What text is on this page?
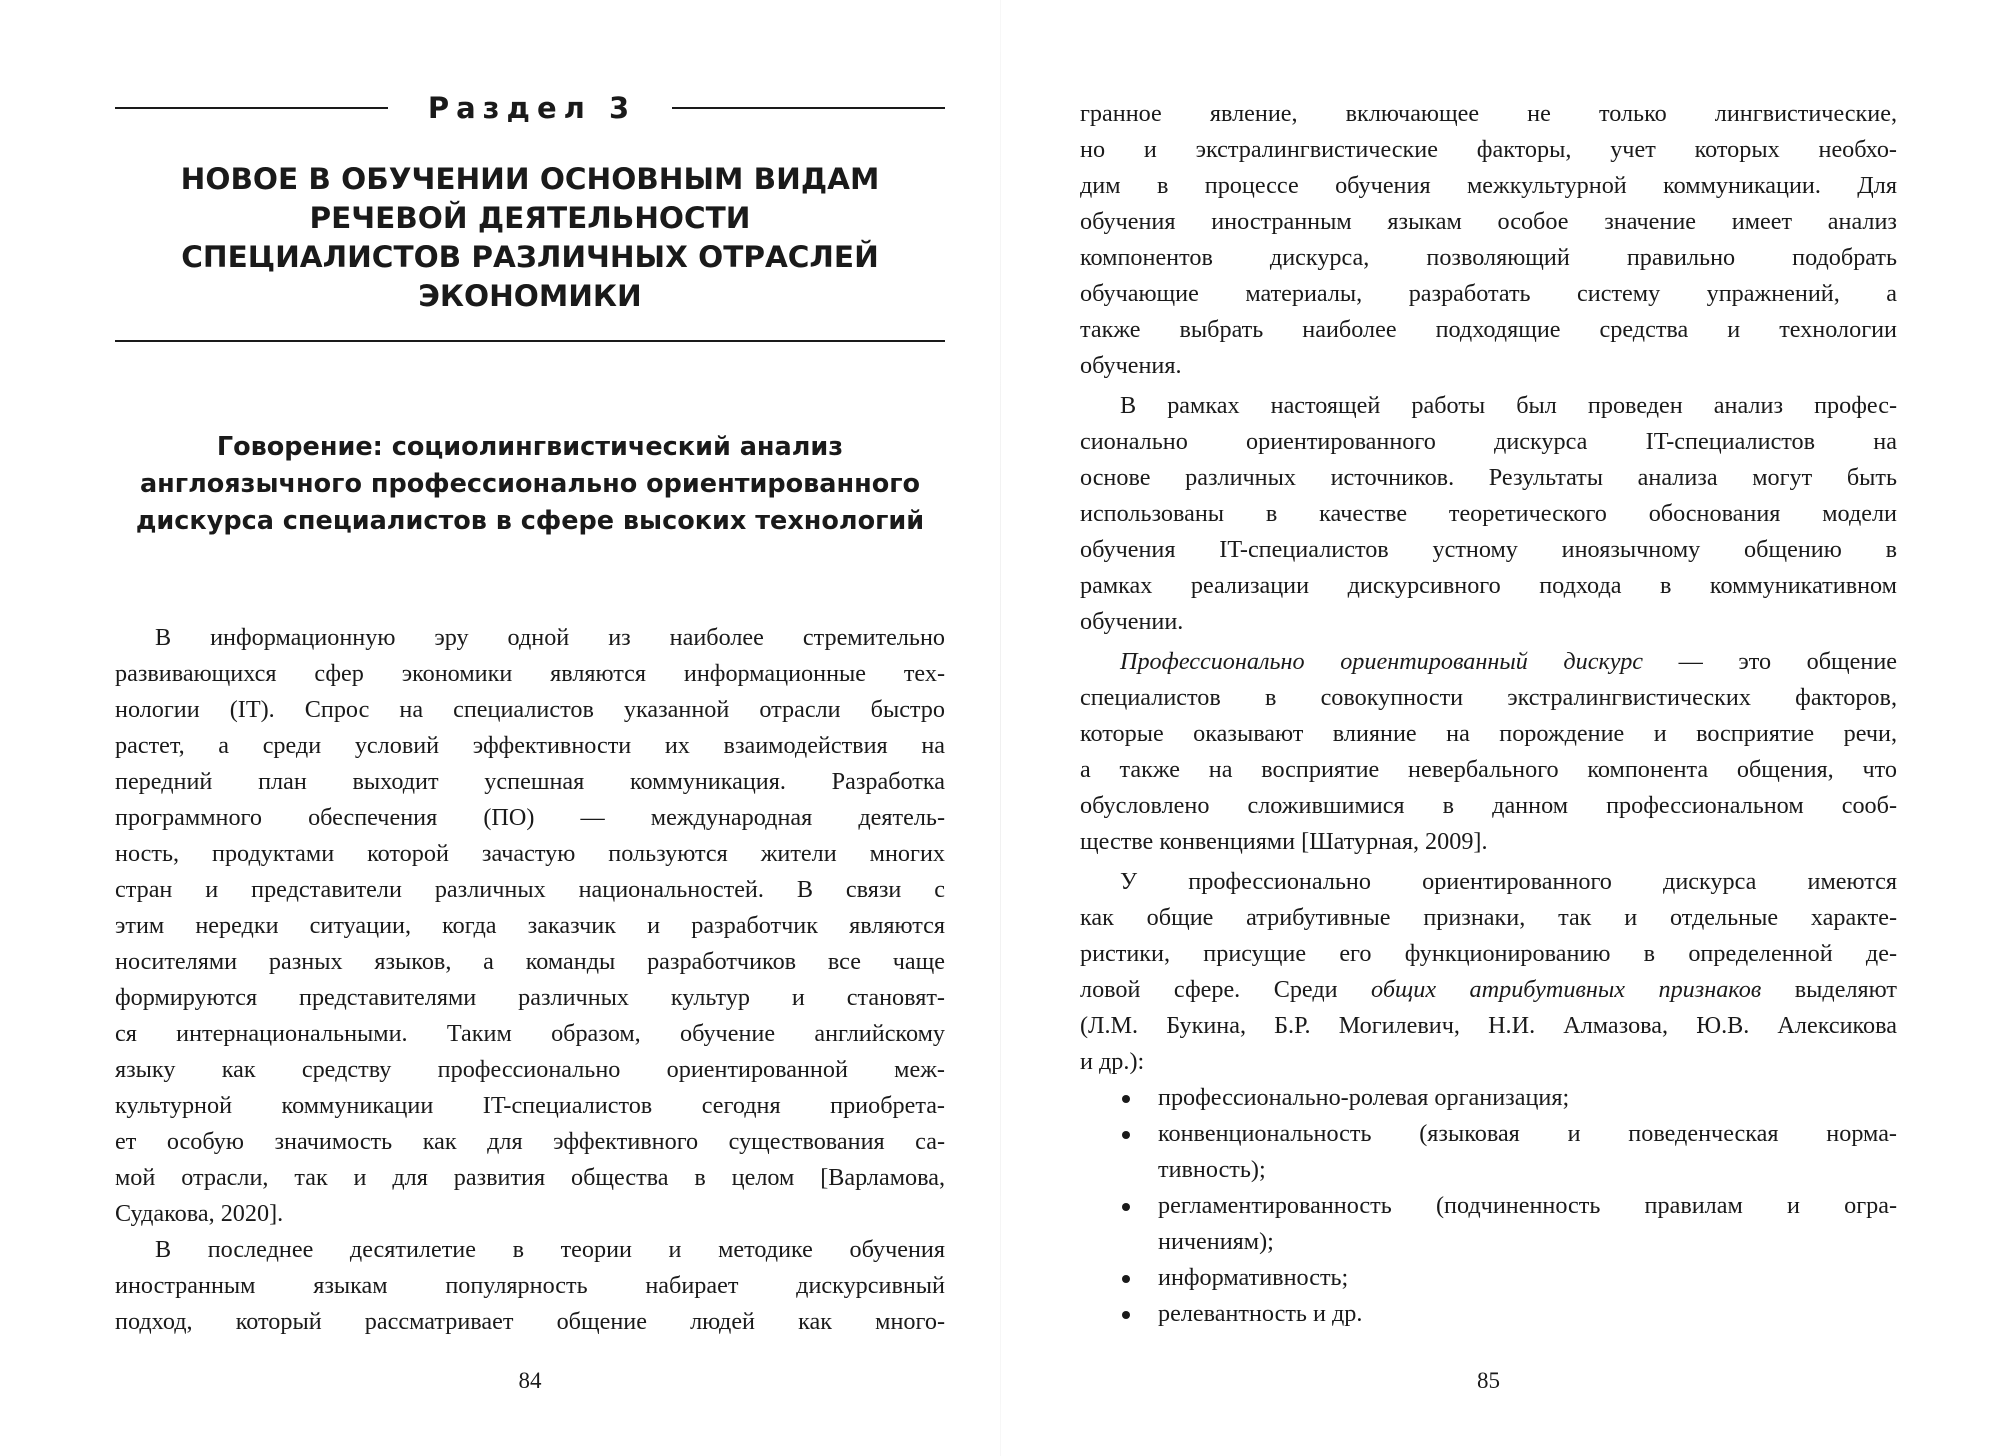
Раздел 3
НОВОЕ В ОБУЧЕНИИ ОСНОВНЫМ ВИДАМ
РЕЧЕВОЙ ДЕЯТЕЛЬНОСТИ
СПЕЦИАЛИСТОВ РАЗЛИЧНЫХ ОТРАСЛЕЙ
ЭКОНОМИКИ
Говорение: социолингвистический анализ
англоязычного профессионально ориентированного
дискурса специалистов в сфере высоких технологий

В информационную эру одной из наиболее стремительно
развивающихся сфер экономики являются информационные тех-
нологии (IT). Спрос на специалистов указанной отрасли быстро
растет, а среди условий эффективности их взаимодействия на
передний план выходит успешная коммуникация. Разработка
программного обеспечения (ПО) — международная деятель-
ность, продуктами которой зачастую пользуются жители многих
стран и представители различных национальностей. В связи с
этим нередки ситуации, когда заказчик и разработчик являются
носителями разных языков, а команды разработчиков все чаще
формируются представителями различных культур и становят-
ся интернациональными. Таким образом, обучение английскому
языку как средству профессионально ориентированной меж-
культурной коммуникации IT-специалистов сегодня приобрета-
ет особую значимость как для эффективного существования са-
мой отрасли, так и для развития общества в целом [Варламова,
Судакова, 2020].

В последнее десятилетие в теории и методике обучения
иностранным языкам популярность набирает дискурсивный
подход, который рассматривает общение людей как много-

84

гранное явление, включающее не только лингвистические,
но и экстралингвистические факторы, учет которых необхо-
дим в процессе обучения межкультурной коммуникации. Для
обучения иностранным языкам особое значение имеет анализ
компонентов дискурса, позволяющий правильно подобрать
обучающие материалы, разработать систему упражнений, а
также выбрать наиболее подходящие средства и технологии
обучения.

В рамках настоящей работы был проведен анализ профес-
сионально ориентированного дискурса IT-специалистов на
основе различных источников. Результаты анализа могут быть
использованы в качестве теоретического обоснования модели
обучения IT-специалистов устному иноязычному общению в
рамках реализации дискурсивного подхода в коммуникативном
обучении.

Профессионально ориентированный дискурс — это общение
специалистов в совокупности экстралингвистических факторов,
которые оказывают влияние на порождение и восприятие речи,
а также на восприятие невербального компонента общения, что
обусловлено сложившимися в данном профессиональном сооб-
ществе конвенциями [Шатурная, 2009].

У профессионально ориентированного дискурса имеются
как общие атрибутивные признаки, так и отдельные характе-
ристики, присущие его функционированию в определенной де-
ловой сфере. Среди общих атрибутивных признаков выделяют
(Л.М. Букина, Б.Р. Могилевич, Н.И. Алмазова, Ю.В. Алексикова
и др.):

профессионально-ролевая организация;
конвенциональность (языковая и поведенческая норма-
тивность);
регламентированность (подчиненность правилам и огра-
ничениям);
информативность;
релевантность и др.
85
